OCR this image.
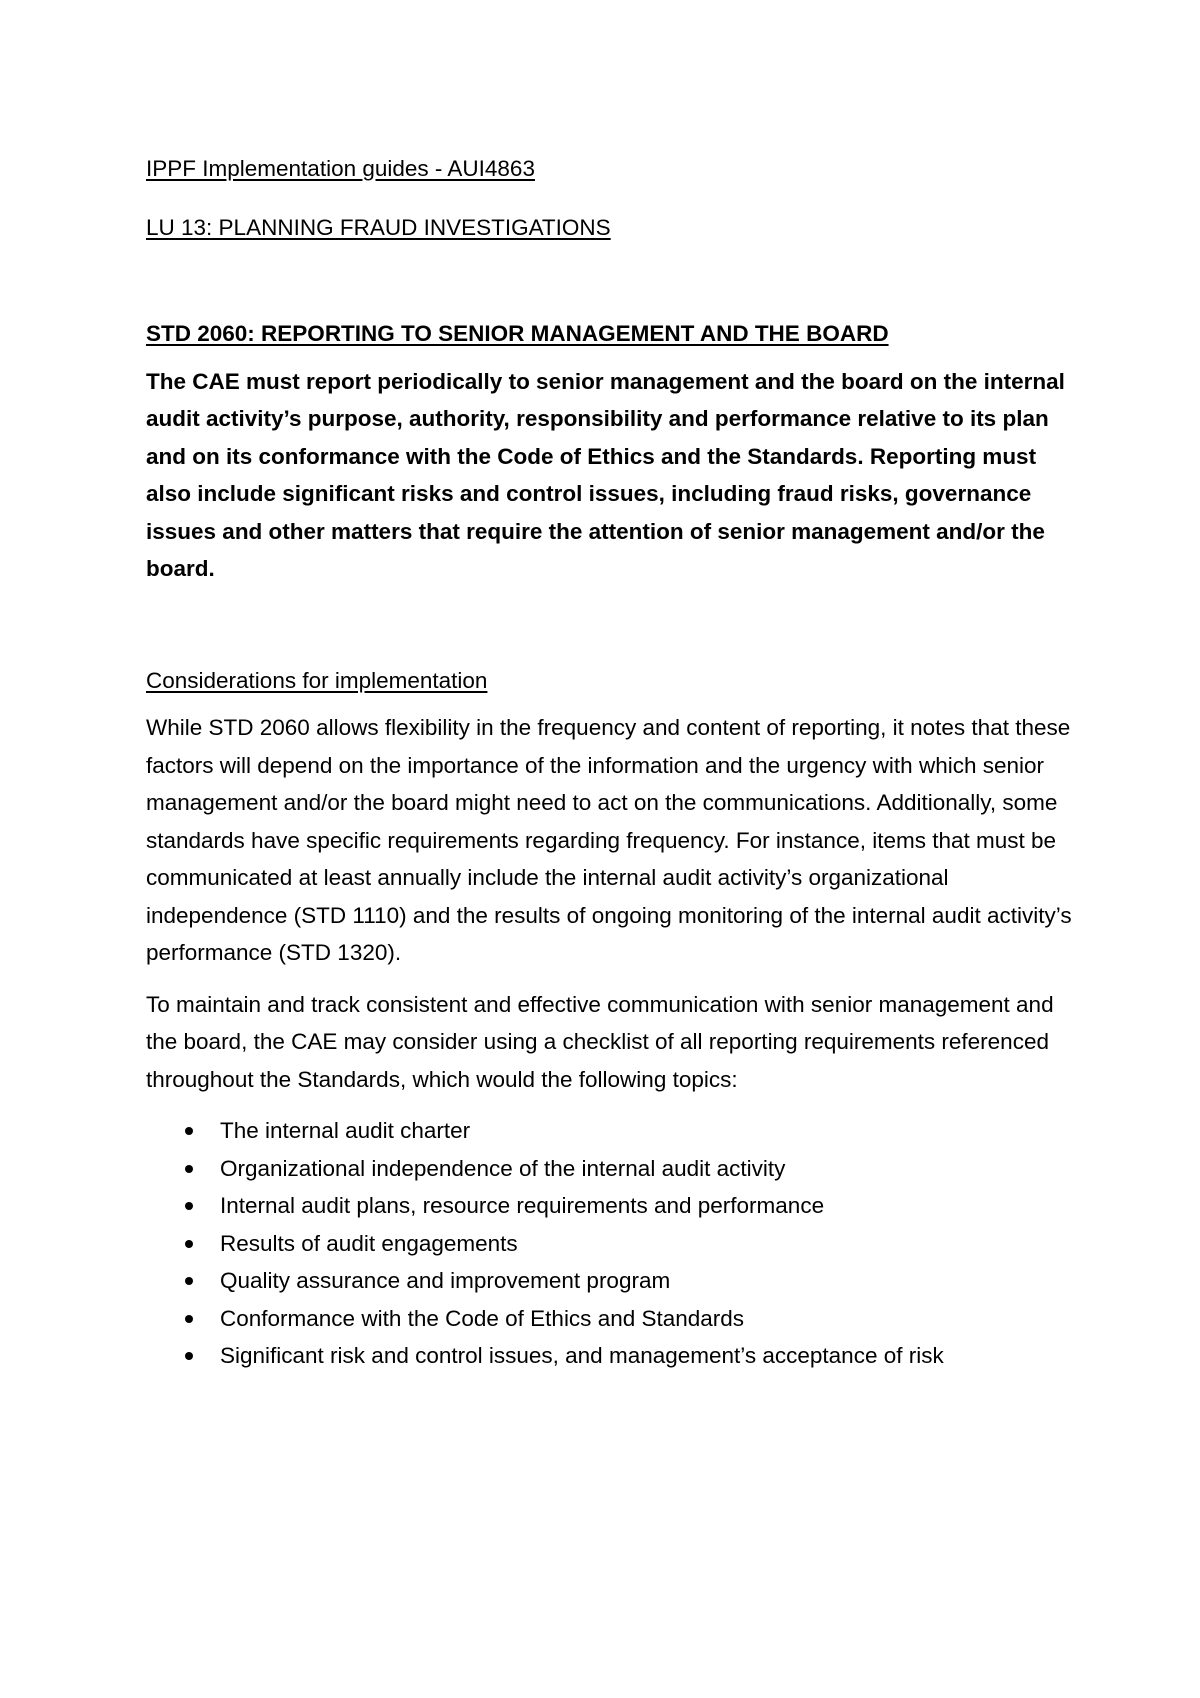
IPPF Implementation guides - AUI4863

LU 13: PLANNING FRAUD INVESTIGATIONS

STD 2060: REPORTING TO SENIOR MANAGEMENT AND THE BOARD

The CAE must report periodically to senior management and the board on the internal audit activity’s purpose, authority, responsibility and performance relative to its plan and on its conformance with the Code of Ethics and the Standards. Reporting must also include significant risks and control issues, including fraud risks, governance issues and other matters that require the attention of senior management and/or the board.

Considerations for implementation

While STD 2060 allows flexibility in the frequency and content of reporting, it notes that these factors will depend on the importance of the information and the urgency with which senior management and/or the board might need to act on the communications. Additionally, some standards have specific requirements regarding frequency. For instance, items that must be communicated at least annually include the internal audit activity’s organizational independence (STD 1110) and the results of ongoing monitoring of the internal audit activity’s performance (STD 1320).

To maintain and track consistent and effective communication with senior management and the board, the CAE may consider using a checklist of all reporting requirements referenced throughout the Standards, which would the following topics:

The internal audit charter
Organizational independence of the internal audit activity
Internal audit plans, resource requirements and performance
Results of audit engagements
Quality assurance and improvement program
Conformance with the Code of Ethics and Standards
Significant risk and control issues, and management’s acceptance of risk
